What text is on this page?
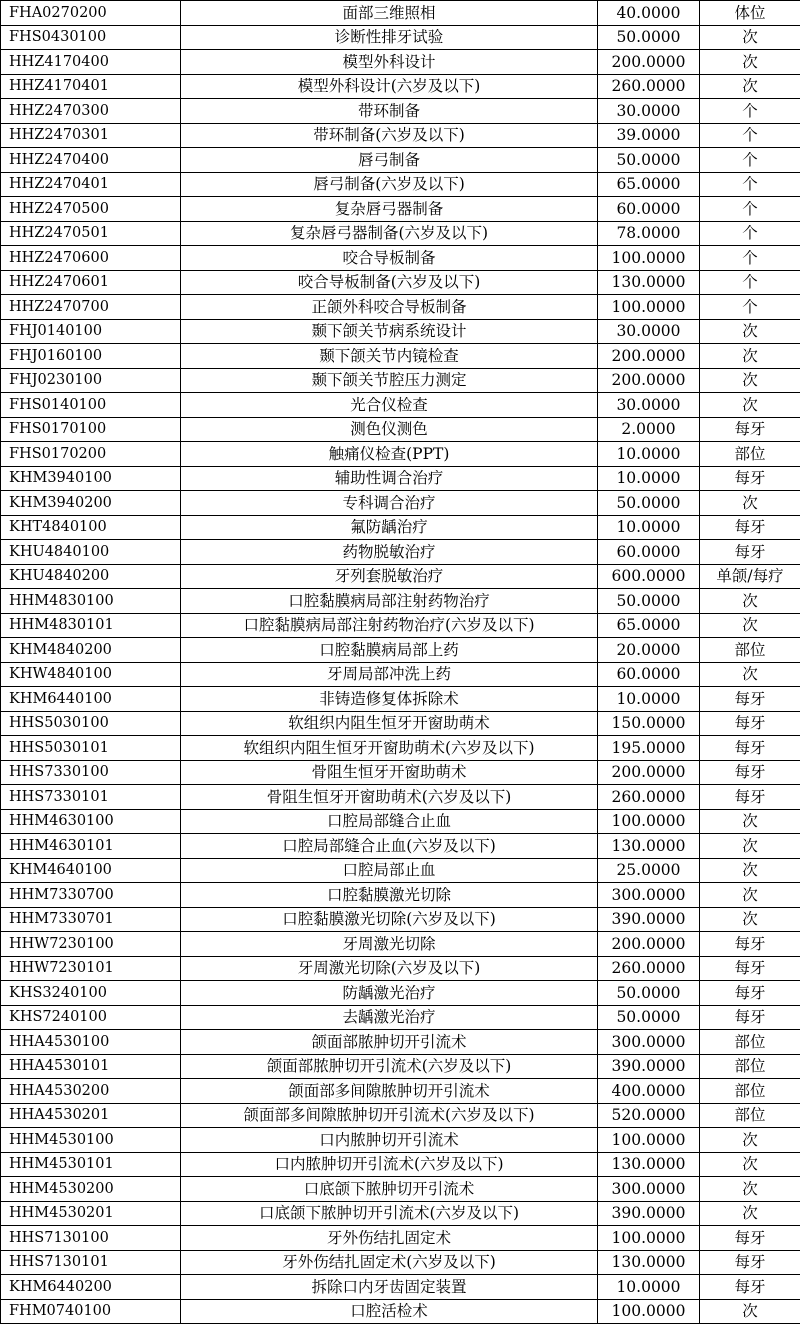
FHA0270200	面部三维照相	40.0000	体位
FHS0430100	诊断性排牙试验	50.0000	次
HHZ4170400	模型外科设计	200.0000	次
HHZ4170401	模型外科设计(六岁及以下)	260.0000	次
HHZ2470300	带环制备	30.0000	个
HHZ2470301	带环制备(六岁及以下)	39.0000	个
HHZ2470400	唇弓制备	50.0000	个
HHZ2470401	唇弓制备(六岁及以下)	65.0000	个
HHZ2470500	复杂唇弓器制备	60.0000	个
HHZ2470501	复杂唇弓器制备(六岁及以下)	78.0000	个
HHZ2470600	咬合导板制备	100.0000	个
HHZ2470601	咬合导板制备(六岁及以下)	130.0000	个
HHZ2470700	正颌外科咬合导板制备	100.0000	个
FHJ0140100	颞下颌关节病系统设计	30.0000	次
FHJ0160100	颞下颌关节内镜检查	200.0000	次
FHJ0230100	颞下颌关节腔压力测定	200.0000	次
FHS0140100	光合仪检查	30.0000	次
FHS0170100	测色仪测色	2.0000	每牙
FHS0170200	触痛仪检查(PPT)	10.0000	部位
KHM3940100	辅助性调合治疗	10.0000	每牙
KHM3940200	专科调合治疗	50.0000	次
KHT4840100	氟防龋治疗	10.0000	每牙
KHU4840100	药物脱敏治疗	60.0000	每牙
KHU4840200	牙列套脱敏治疗	600.0000	单颌/每疗
HHM4830100	口腔黏膜病局部注射药物治疗	50.0000	次
HHM4830101	口腔黏膜病局部注射药物治疗(六岁及以下)	65.0000	次
KHM4840200	口腔黏膜病局部上药	20.0000	部位
KHW4840100	牙周局部冲洗上药	60.0000	次
KHM6440100	非铸造修复体拆除术	10.0000	每牙
HHS5030100	软组织内阻生恒牙开窗助萌术	150.0000	每牙
HHS5030101	软组织内阻生恒牙开窗助萌术(六岁及以下)	195.0000	每牙
HHS7330100	骨阻生恒牙开窗助萌术	200.0000	每牙
HHS7330101	骨阻生恒牙开窗助萌术(六岁及以下)	260.0000	每牙
HHM4630100	口腔局部缝合止血	100.0000	次
HHM4630101	口腔局部缝合止血(六岁及以下)	130.0000	次
KHM4640100	口腔局部止血	25.0000	次
HHM7330700	口腔黏膜激光切除	300.0000	次
HHM7330701	口腔黏膜激光切除(六岁及以下)	390.0000	次
HHW7230100	牙周激光切除	200.0000	每牙
HHW7230101	牙周激光切除(六岁及以下)	260.0000	每牙
KHS3240100	防龋激光治疗	50.0000	每牙
KHS7240100	去龋激光治疗	50.0000	每牙
HHA4530100	颌面部脓肿切开引流术	300.0000	部位
HHA4530101	颌面部脓肿切开引流术(六岁及以下)	390.0000	部位
HHA4530200	颌面部多间隙脓肿切开引流术	400.0000	部位
HHA4530201	颌面部多间隙脓肿切开引流术(六岁及以下)	520.0000	部位
HHM4530100	口内脓肿切开引流术	100.0000	次
HHM4530101	口内脓肿切开引流术(六岁及以下)	130.0000	次
HHM4530200	口底颌下脓肿切开引流术	300.0000	次
HHM4530201	口底颌下脓肿切开引流术(六岁及以下)	390.0000	次
HHS7130100	牙外伤结扎固定术	100.0000	每牙
HHS7130101	牙外伤结扎固定术(六岁及以下)	130.0000	每牙
KHM6440200	拆除口内牙齿固定装置	10.0000	每牙
FHM0740100	口腔活检术	100.0000	次
